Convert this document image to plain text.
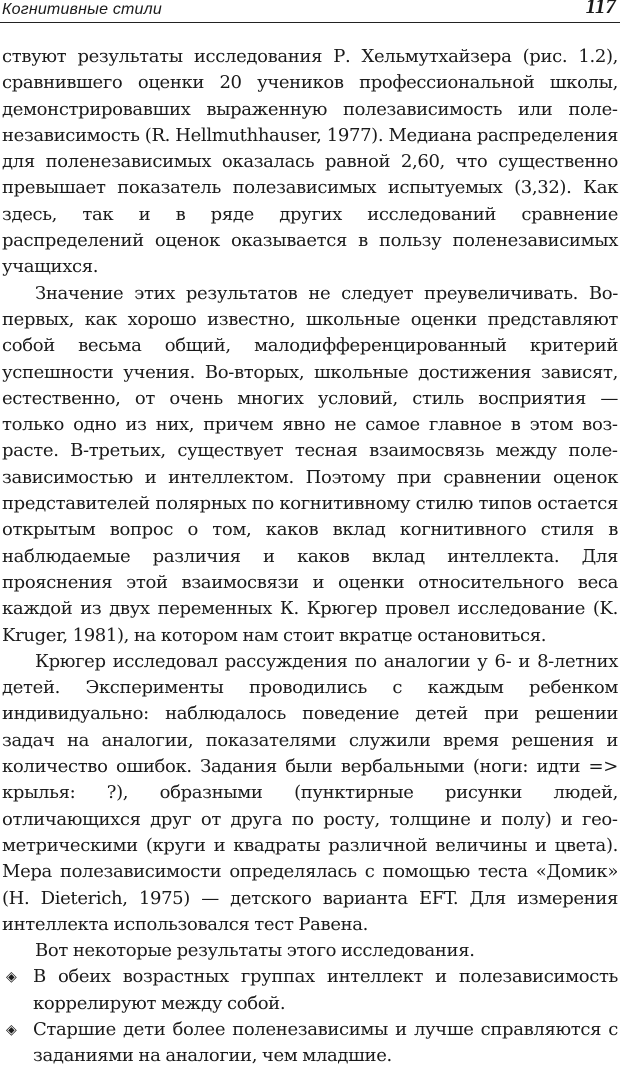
Когнитивные стили	117

ствуют результаты исследования Р. Хельмутхайзера (рис. 1.2), сравнившего оценки 20 учеников профессиональной школы, демонстрировавших выраженную полезависимость или поленезависимость (R. Hellmuthhauser, 1977). Медиана распределения для поленезависимых оказалась равной 2,60, что существенно превышает показатель полезависимых испытуемых (3,32). Как здесь, так и в ряде других исследований сравнение распределений оценок оказывается в пользу поленезависимых учащихся.

Значение этих результатов не следует преувеличивать. Во-первых, как хорошо известно, школьные оценки представляют собой весьма общий, малодифференцированный критерий успешности учения. Во-вторых, школьные достижения зависят, естественно, от очень многих условий, стиль восприятия — только одно из них, причем явно не самое главное в этом возрасте. В-третьих, существует тесная взаимосвязь между полезависимостью и интеллектом. Поэтому при сравнении оценок представителей полярных по когнитивному стилю типов остается открытым вопрос о том, каков вклад когнитивного стиля в наблюдаемые различия и каков вклад интеллекта. Для прояснения этой взаимосвязи и оценки относительного веса каждой из двух переменных К. Крюгер провел исследование (K. Kruger, 1981), на котором нам стоит вкратце остановиться.

Крюгер исследовал рассуждения по аналогии у 6- и 8-летних детей. Эксперименты проводились с каждым ребенком индивидуально: наблюдалось поведение детей при решении задач на аналогии, показателями служили время решения и количество ошибок. Задания были вербальными (ноги: идти => крылья: ?), образными (пунктирные рисунки людей, отличающихся друг от друга по росту, толщине и полу) и геометрическими (круги и квадраты различной величины и цвета). Мера полезависимости определялась с помощью теста «Домик» (H. Dieterich, 1975) — детского варианта EFT. Для измерения интеллекта использовался тест Равена.

Вот некоторые результаты этого исследования.

◈ В обеих возрастных группах интеллект и полезависимость коррелируют между собой.
◈ Старшие дети более поленезависимы и лучше справляются с заданиями на аналогии, чем младшие.
